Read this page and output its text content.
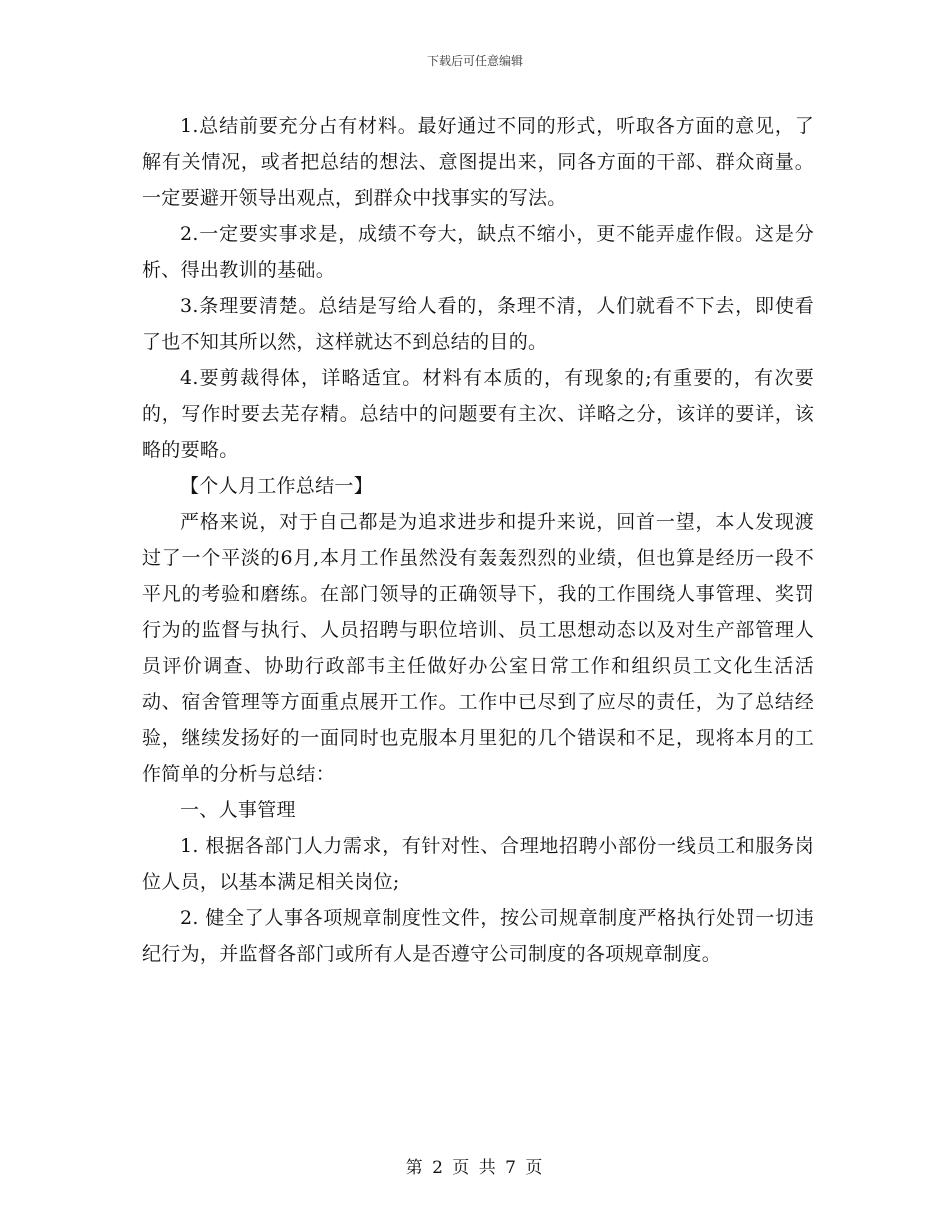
下载后可任意编辑

1.总结前要充分占有材料。最好通过不同的形式，听取各方面的意见，了解有关情况，或者把总结的想法、意图提出来，同各方面的干部、群众商量。一定要避开领导出观点，到群众中找事实的写法。

2.一定要实事求是，成绩不夸大，缺点不缩小，更不能弄虚作假。这是分析、得出教训的基础。

3.条理要清楚。总结是写给人看的，条理不清，人们就看不下去，即使看了也不知其所以然，这样就达不到总结的目的。

4.要剪裁得体，详略适宜。材料有本质的，有现象的;有重要的，有次要的，写作时要去芜存精。总结中的问题要有主次、详略之分，该详的要详，该略的要略。

【个人月工作总结一】

严格来说，对于自己都是为追求进步和提升来说，回首一望，本人发现渡过了一个平淡的6月,本月工作虽然没有轰轰烈烈的业绩，但也算是经历一段不平凡的考验和磨练。在部门领导的正确领导下，我的工作围绕人事管理、奖罚行为的监督与执行、人员招聘与职位培训、员工思想动态以及对生产部管理人员评价调查、协助行政部韦主任做好办公室日常工作和组织员工文化生活活动、宿舍管理等方面重点展开工作。工作中已尽到了应尽的责任，为了总结经验，继续发扬好的一面同时也克服本月里犯的几个错误和不足，现将本月的工作简单的分析与总结：

一、人事管理

1. 根据各部门人力需求，有针对性、合理地招聘小部份一线员工和服务岗位人员，以基本满足相关岗位;

2. 健全了人事各项规章制度性文件，按公司规章制度严格执行处罚一切违纪行为，并监督各部门或所有人是否遵守公司制度的各项规章制度。

第 2 页 共 7 页
